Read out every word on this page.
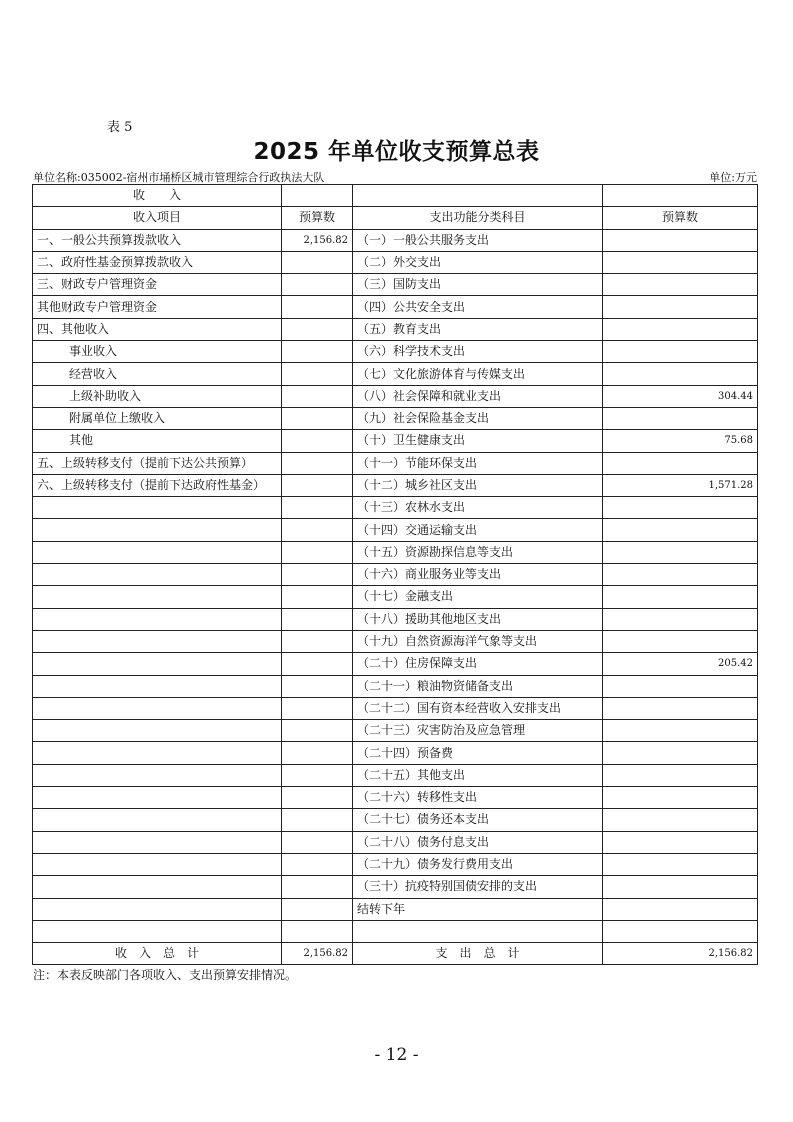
表 5
2025 年单位收支预算总表
单位名称:035002-宿州市埇桥区城市管理综合行政执法大队	单位:万元
收　　入			
收入项目	预算数	支出功能分类科目	预算数
一、一般公共预算拨款收入	2,156.82	（一）一般公共服务支出	
二、政府性基金预算拨款收入		（二）外交支出	
三、财政专户管理资金		（三）国防支出	
其他财政专户管理资金		（四）公共安全支出	
四、其他收入		（五）教育支出	
事业收入		（六）科学技术支出	
经营收入		（七）文化旅游体育与传媒支出	
上级补助收入		（八）社会保障和就业支出	304.44
附属单位上缴收入		（九）社会保险基金支出	
其他		（十）卫生健康支出	75.68
五、上级转移支付（提前下达公共预算）		（十一）节能环保支出	
六、上级转移支付（提前下达政府性基金）		（十二）城乡社区支出	1,571.28
		（十三）农林水支出	
		（十四）交通运输支出	
		（十五）资源勘探信息等支出	
		（十六）商业服务业等支出	
		（十七）金融支出	
		（十八）援助其他地区支出	
		（十九）自然资源海洋气象等支出	
		（二十）住房保障支出	205.42
		（二十一）粮油物资储备支出	
		（二十二）国有资本经营收入安排支出	
		（二十三）灾害防治及应急管理	
		（二十四）预备费	
		（二十五）其他支出	
		（二十六）转移性支出	
		（二十七）债务还本支出	
		（二十八）债务付息支出	
		（二十九）债务发行费用支出	
		（三十）抗疫特别国债安排的支出	
		结转下年	

收　入　总　计	2,156.82	支　出　总　计	2,156.82
注：本表反映部门各项收入、支出预算安排情况。
- 12 -
